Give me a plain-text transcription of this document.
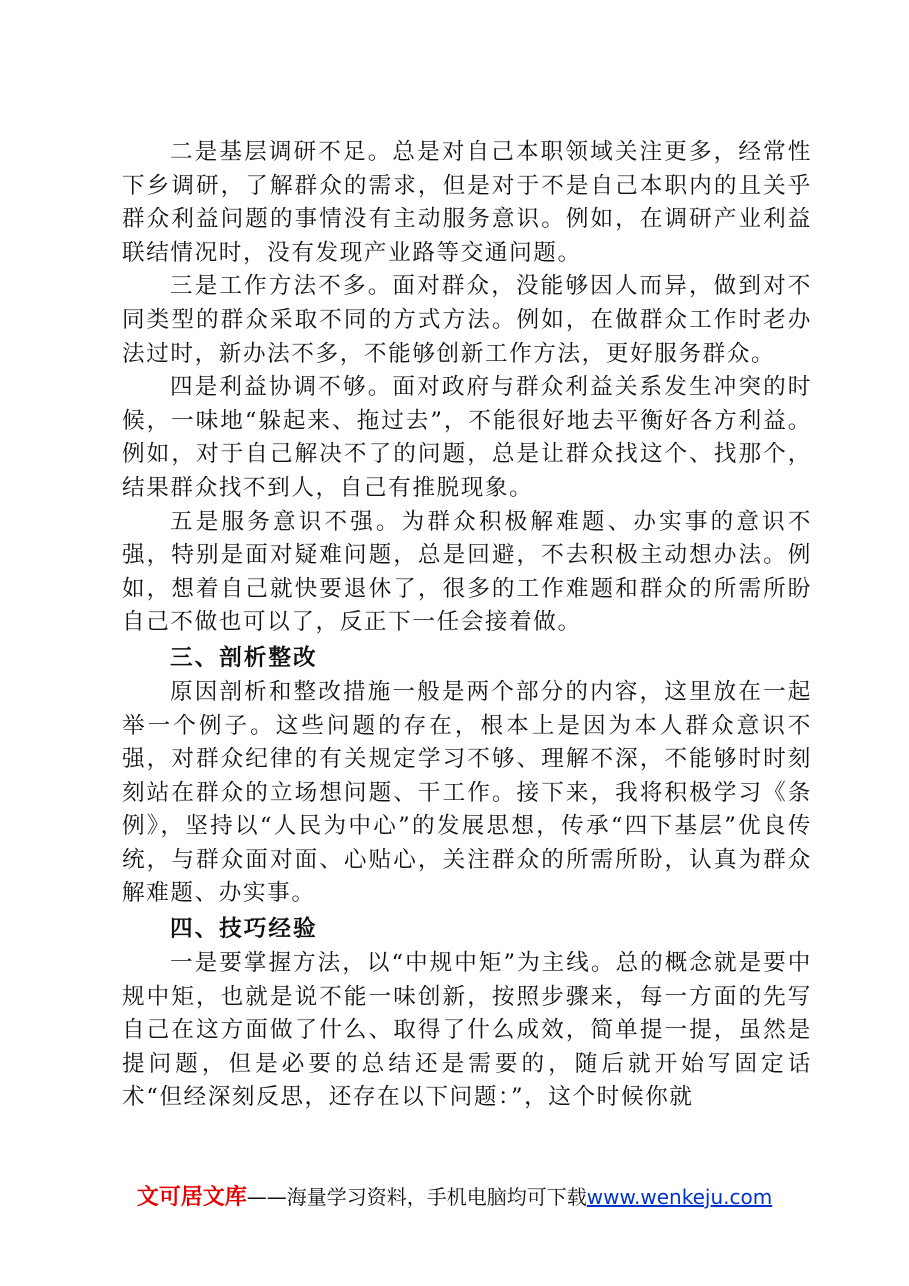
二是基层调研不足。总是对自己本职领域关注更多，经常性下乡调研，了解群众的需求，但是对于不是自己本职内的且关乎群众利益问题的事情没有主动服务意识。例如，在调研产业利益联结情况时，没有发现产业路等交通问题。

三是工作方法不多。面对群众，没能够因人而异，做到对不同类型的群众采取不同的方式方法。例如，在做群众工作时老办法过时，新办法不多，不能够创新工作方法，更好服务群众。

四是利益协调不够。面对政府与群众利益关系发生冲突的时候，一味地“躲起来、拖过去”，不能很好地去平衡好各方利益。例如，对于自己解决不了的问题，总是让群众找这个、找那个，结果群众找不到人，自己有推脱现象。

五是服务意识不强。为群众积极解难题、办实事的意识不强，特别是面对疑难问题，总是回避，不去积极主动想办法。例如，想着自己就快要退休了，很多的工作难题和群众的所需所盼自己不做也可以了，反正下一任会接着做。

三、剖析整改

原因剖析和整改措施一般是两个部分的内容，这里放在一起举一个例子。这些问题的存在，根本上是因为本人群众意识不强，对群众纪律的有关规定学习不够、理解不深，不能够时时刻刻站在群众的立场想问题、干工作。接下来，我将积极学习《条例》，坚持以“人民为中心”的发展思想，传承“四下基层”优良传统，与群众面对面、心贴心，关注群众的所需所盼，认真为群众解难题、办实事。

四、技巧经验

一是要掌握方法，以“中规中矩”为主线。总的概念就是要中规中矩，也就是说不能一味创新，按照步骤来，每一方面的先写自己在这方面做了什么、取得了什么成效，简单提一提，虽然是提问题，但是必要的总结还是需要的，随后就开始写固定话术“但经深刻反思，还存在以下问题：”，这个时候你就

文可居文库——海量学习资料，手机电脑均可下载www.wenkeju.com
